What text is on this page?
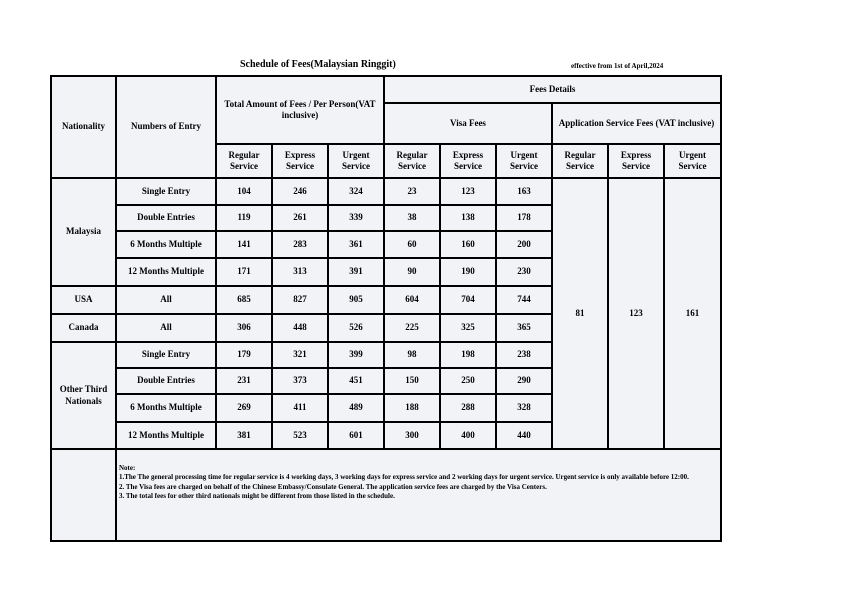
Schedule of Fees(Malaysian Ringgit)	effective from 1st of April,2024
Nationality	Numbers of Entry	Total Amount of Fees / Per Person(VAT inclusive)			Fees Details					
					Visa Fees			Application Service Fees (VAT inclusive)		
		Regular Service	Express Service	Urgent Service	Regular Service	Express Service	Urgent Service	Regular Service	Express Service	Urgent Service
Malaysia	Single Entry	104	246	324	23	123	163	81	123	161
	Double Entries	119	261	339	38	138	178			
	6 Months Multiple	141	283	361	60	160	200			
	12 Months Multiple	171	313	391	90	190	230			
USA	All	685	827	905	604	704	744			
Canada	All	306	448	526	225	325	365			
Other Third Nationals	Single Entry	179	321	399	98	198	238			
	Double Entries	231	373	451	150	250	290			
	6 Months Multiple	269	411	489	188	288	328			
	12 Months Multiple	381	523	601	300	400	440			

	Note:
1.The The general processing time for regular service is 4 working days, 3 working days for express service and 2 working days for urgent service. Urgent service is only available before 12:00.
2. The Visa fees are charged on behalf of the Chinese Embassy/Consulate General. The application service fees are charged by the Visa Centers.
3. The total fees for other third nationals might be different from those listed in the schedule.									
